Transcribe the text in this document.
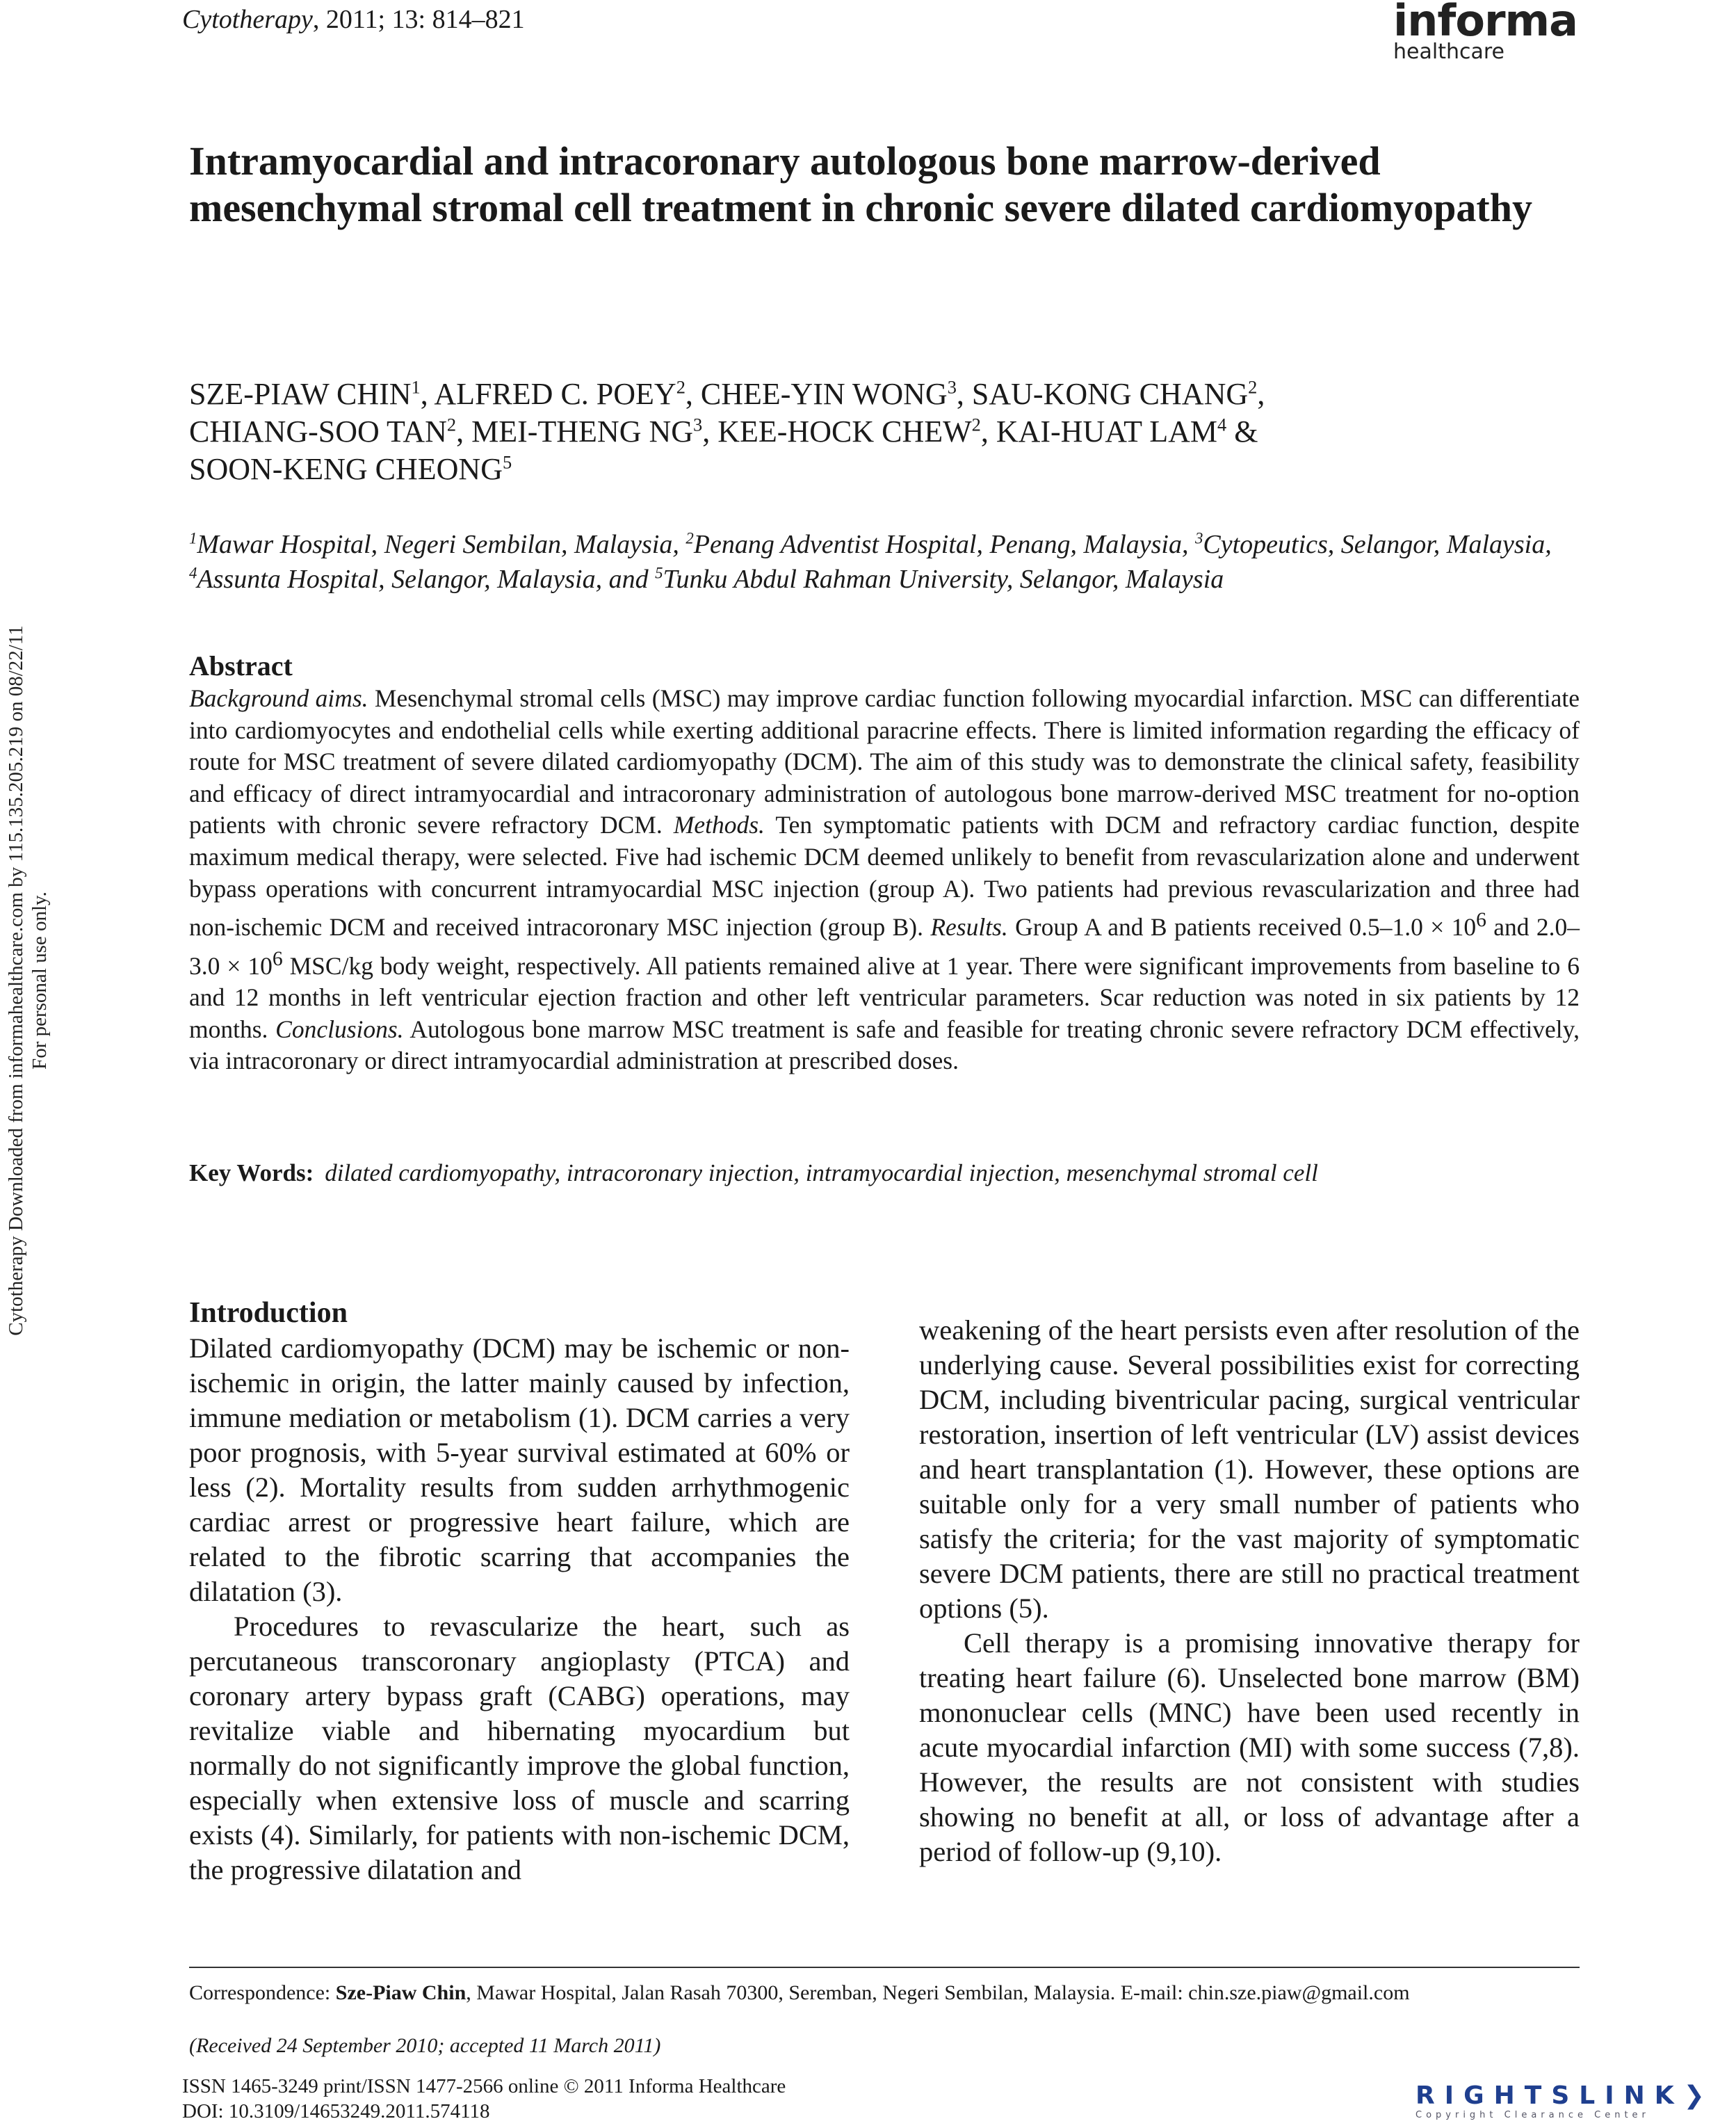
Cytotherapy, 2011; 13: 814–821	informa
healthcare
Intramyocardial and intracoronary autologous bone marrow-derived mesenchymal stromal cell treatment in chronic severe dilated cardiomyopathy
SZE-PIAW CHIN$^1$, ALFRED C. POEY$^2$, CHEE-YIN WONG$^3$, SAU-KONG CHANG$^2$,
CHIANG-SOO TAN$^2$, MEI-THENG $NG^3$, KEE-HOCK CHEW$^2$, KAI-HUAT LAM$^4$ &
SOON-KENG CHEONG$^5$
$^1$Mawar Hospital, Negeri Sembilan, Malaysia, $^2$Penang Adventist Hospital, Penang, Malaysia, $^3$Cytopeutics, Selangor, Malaysia,
$^4$Assunta Hospital, Selangor, Malaysia, and $^5$Tunku Abdul Rahman University, Selangor, Malaysia
Cytotherapy Downloaded from informahealthcare.com by 115.135.205.219 on 08/22/11 For personal use only.

Abstract

Background aims. Mesenchymal stromal cells (MSC) may improve cardiac function following myocardial infarction. MSC can differentiate into cardiomyocytes and endothelial cells while exerting additional paracrine effects. There is limited information regarding the efficacy of route for MSC treatment of severe dilated cardiomyopathy (DCM). The aim of this study was to demonstrate the clinical safety, feasibility and efficacy of direct intramyocardial and intracoronary administration of autologous bone marrow-derived MSC treatment for no-option patients with chronic severe refractory DCM. Methods. Ten symptomatic patients with DCM and refractory cardiac function, despite maximum medical therapy, were selected. Five had ischemic DCM deemed unlikely to benefit from revascularization alone and underwent bypass operations with concurrent intramyocardial MSC injection (group A). Two patients had previous revascularization and three had non-ischemic DCM and received intracoronary MSC injection (group B). Results. Group A and B patients received $0.5-1.0 \times 10^6$ and $2.0-3.0 \times 10^6$ MSC/kg body weight, respectively. All patients remained alive at 1 year. There were significant improvements from baseline to 6 and 12 months in left ventricular ejection fraction and other left ventricular parameters. Scar reduction was noted in six patients by 12 months. Conclusions. Autologous bone marrow MSC treatment is safe and feasible for treating chronic severe refractory DCM effectively, via intracoronary or direct intramyocardial administration at prescribed doses.

Key Words: dilated cardiomyopathy, intracoronary injection, intramyocardial injection, mesenchymal stromal cell

Introduction

Dilated cardiomyopathy (DCM) may be ischemic or non-ischemic in origin, the latter mainly caused by infection, immune mediation or metabolism (1). DCM carries a very poor prognosis, with 5-year survival estimated at 60% or less (2). Mortality results from sudden arrhythmogenic cardiac arrest or progressive heart failure, which are related to the fibrotic scarring that accompanies the dilatation (3).

Procedures to revascularize the heart, such as percutaneous transcoronary angioplasty (PTCA) and coronary artery bypass graft (CABG) operations, may revitalize viable and hibernating myocardium but normally do not significantly improve the global function, especially when extensive loss of muscle and scarring exists (4). Similarly, for patients with non-ischemic DCM, the progressive dilatation and

weakening of the heart persists even after resolution of the underlying cause. Several possibilities exist for correcting DCM, including biventricular pacing, surgical ventricular restoration, insertion of left ventricular (LV) assist devices and heart transplantation (1). However, these options are suitable only for a very small number of patients who satisfy the criteria; for the vast majority of symptomatic severe DCM patients, there are still no practical treatment options (5).

Cell therapy is a promising innovative therapy for treating heart failure (6). Unselected bone marrow (BM) mononuclear cells (MNC) have been used recently in acute myocardial infarction (MI) with some success (7,8). However, the results are not consistent with studies showing no benefit at all, or loss of advantage after a period of follow-up (9,10).

Correspondence: Sze-Piaw Chin, Mawar Hospital, Jalan Rasah 70300, Seremban, Negeri Sembilan, Malaysia. E-mail: chin.sze.piaw@gmail.com
(Received 24 September 2010; accepted 11 March 2011)
ISSN 1465-3249 print/ISSN 1477-2566 online © 2011 Informa Healthcare
DOI: 10.3109/14653249.2011.574118
RIGHTSLINK❯
Copyright Clearance Center
